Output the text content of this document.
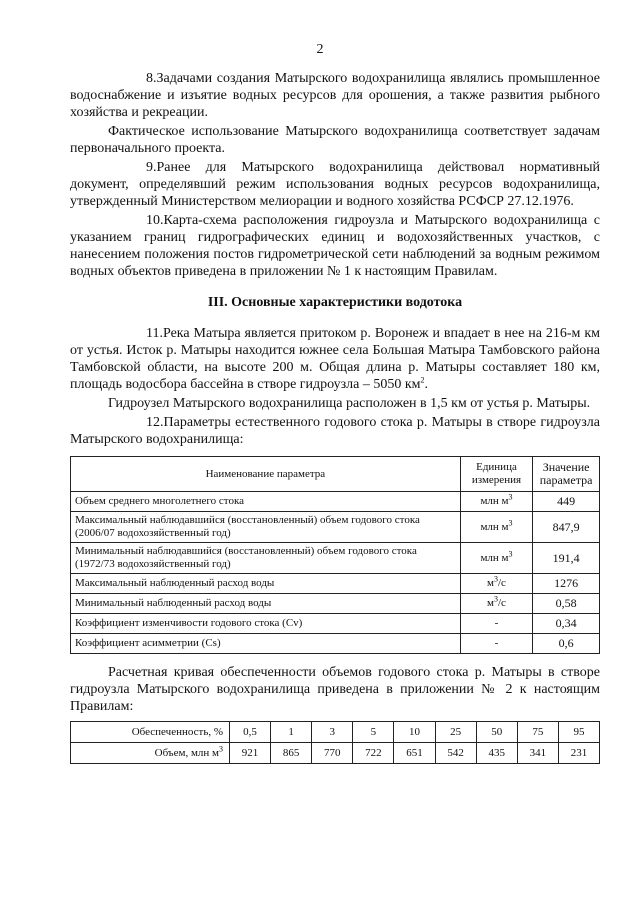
2

8.Задачами создания Матырского водохранилища являлись промышленное водоснабжение и изъятие водных ресурсов для орошения, а также развития рыбного хозяйства и рекреации.

Фактическое использование Матырского водохранилища соответствует задачам первоначального проекта.

9.Ранее для Матырского водохранилища действовал нормативный документ, определявший режим использования водных ресурсов водохранилища, утвержденный Министерством мелиорации и водного хозяйства РСФСР 27.12.1976.

10.Карта-схема расположения гидроузла и Матырского водохранилища с указанием границ гидрографических единиц и водохозяйственных участков, с нанесением положения постов гидрометрической сети наблюдений за водным режимом водных объектов приведена в приложении № 1 к настоящим Правилам.

III. Основные характеристики водотока

11.Река Матыра является притоком р. Воронеж и впадает в нее на 216-м км от устья. Исток р. Матыры находится южнее села Большая Матыра Тамбовского района Тамбовской области, на высоте 200 м. Общая длина р. Матыры составляет 180 км, площадь водосбора бассейна в створе гидроузла – 5050 $км^2$.

Гидроузел Матырского водохранилища расположен в 1,5 км от устья р. Матыры.

12.Параметры естественного годового стока р. Матыры в створе гидроузла Матырского водохранилища:

Наименование параметра	Единица измерения	Значение параметра
Объем среднего многолетнего стока	млн $м^3$	449
Максимальный наблюдавшийся (восстановленный) объем годового стока (2006/07 водохозяйственный год)	млн $м^3$	847,9
Минимальный наблюдавшийся (восстановленный) объем годового стока (1972/73 водохозяйственный год)	млн $м^3$	191,4
Максимальный наблюденный расход воды	$м^3/с$	1276
Минимальный наблюденный расход воды	$м^3/с$	0,58
Коэффициент изменчивости годового стока (Cv)	-	0,34
Коэффициент асимметрии (Cs)	-	0,6

Расчетная кривая обеспеченности объемов годового стока р. Матыры в створе гидроузла Матырского водохранилища приведена в приложении № 2 к настоящим Правилам:

Обеспеченность, %	0,5	1	3	5	10	25	50	75	95
Объем, млн $м^3$	921	865	770	722	651	542	435	341	231
